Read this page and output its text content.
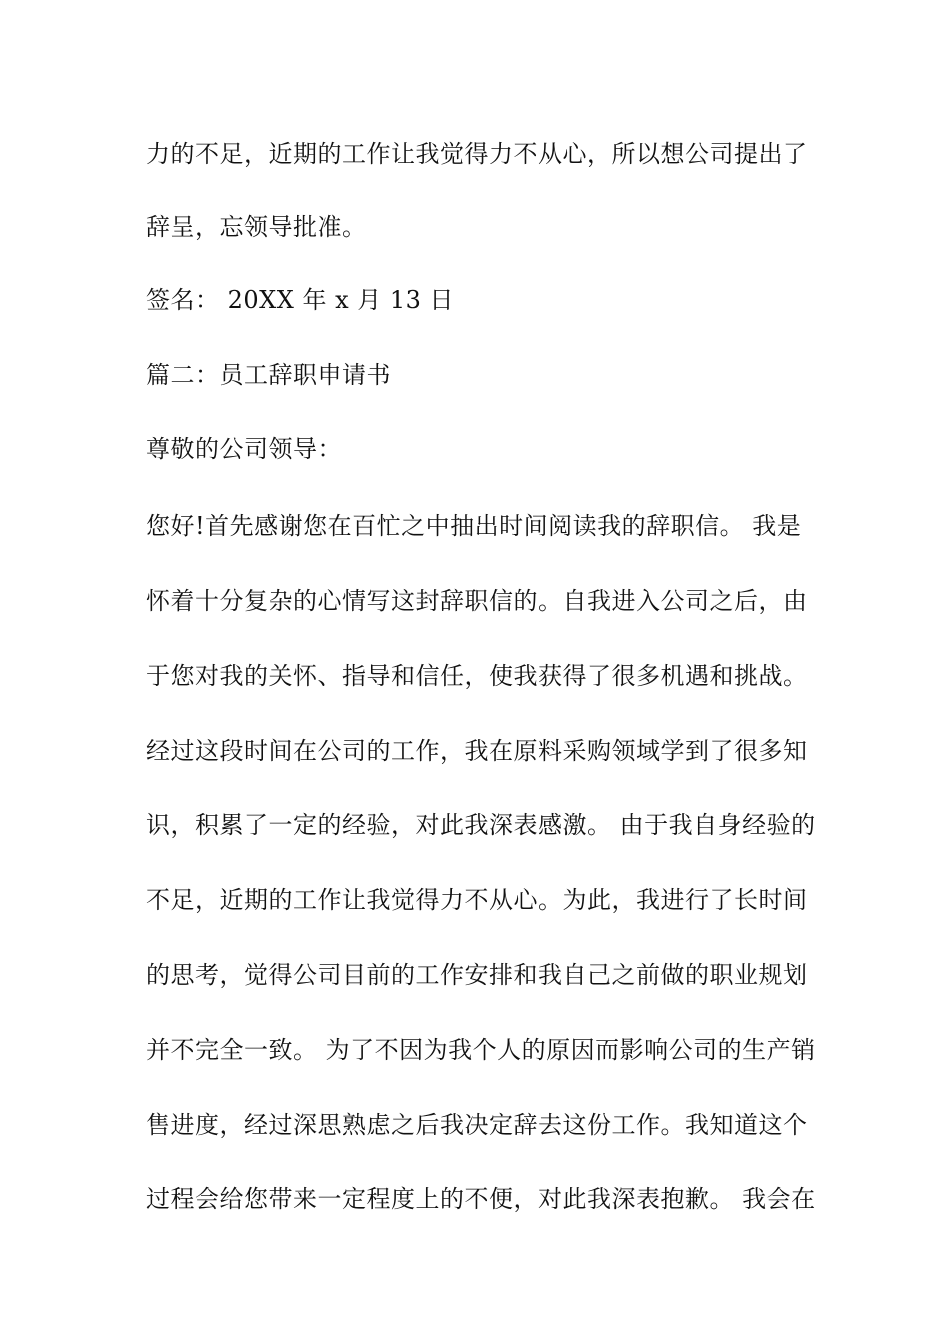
力的不足，近期的工作让我觉得力不从心，所以想公司提出了
辞呈，忘领导批准。
签名： 20XX 年 x 月 13 日
篇二：员工辞职申请书
尊敬的公司领导：
您好!首先感谢您在百忙之中抽出时间阅读我的辞职信。 我是
怀着十分复杂的心情写这封辞职信的。自我进入公司之后，由
于您对我的关怀、指导和信任，使我获得了很多机遇和挑战。
经过这段时间在公司的工作，我在原料采购领域学到了很多知
识，积累了一定的经验，对此我深表感激。 由于我自身经验的
不足，近期的工作让我觉得力不从心。为此，我进行了长时间
的思考，觉得公司目前的工作安排和我自己之前做的职业规划
并不完全一致。 为了不因为我个人的原因而影响公司的生产销
售进度，经过深思熟虑之后我决定辞去这份工作。我知道这个
过程会给您带来一定程度上的不便，对此我深表抱歉。 我会在
